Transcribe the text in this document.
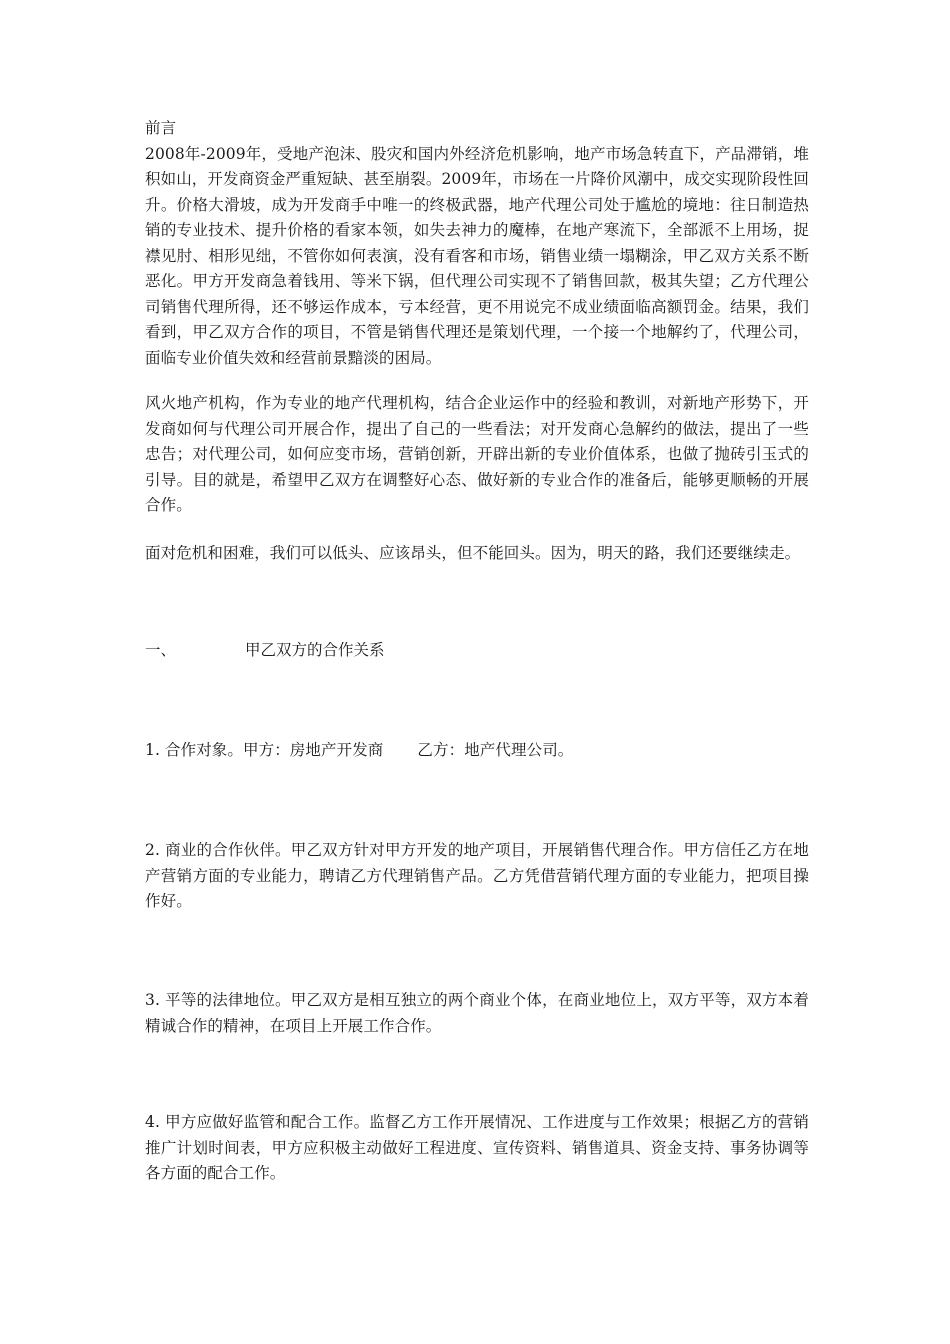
前言
2008年-2009年，受地产泡沫、股灾和国内外经济危机影响，地产市场急转直下，产品滞销，堆积如山，开发商资金严重短缺、甚至崩裂。2009年，市场在一片降价风潮中，成交实现阶段性回升。价格大滑坡，成为开发商手中唯一的终极武器，地产代理公司处于尴尬的境地：往日制造热销的专业技术、提升价格的看家本领，如失去神力的魔棒，在地产寒流下，全部派不上用场，捉襟见肘、相形见绌，不管你如何表演，没有看客和市场，销售业绩一塌糊涂，甲乙双方关系不断恶化。甲方开发商急着钱用、等米下锅，但代理公司实现不了销售回款，极其失望；乙方代理公司销售代理所得，还不够运作成本，亏本经营，更不用说完不成业绩面临高额罚金。结果，我们看到，甲乙双方合作的项目，不管是销售代理还是策划代理，一个接一个地解约了，代理公司，面临专业价值失效和经营前景黯淡的困局。
风火地产机构，作为专业的地产代理机构，结合企业运作中的经验和教训，对新地产形势下，开发商如何与代理公司开展合作，提出了自己的一些看法；对开发商心急解约的做法，提出了一些忠告；对代理公司，如何应变市场，营销创新，开辟出新的专业价值体系，也做了抛砖引玉式的引导。目的就是，希望甲乙双方在调整好心态、做好新的专业合作的准备后，能够更顺畅的开展合作。
面对危机和困难，我们可以低头、应该昂头，但不能回头。因为，明天的路，我们还要继续走。
一、	甲乙双方的合作关系
1. 合作对象。甲方：房地产开发商 乙方：地产代理公司。
2. 商业的合作伙伴。甲乙双方针对甲方开发的地产项目，开展销售代理合作。甲方信任乙方在地产营销方面的专业能力，聘请乙方代理销售产品。乙方凭借营销代理方面的专业能力，把项目操作好。
3. 平等的法律地位。甲乙双方是相互独立的两个商业个体，在商业地位上，双方平等，双方本着精诚合作的精神，在项目上开展工作合作。
4. 甲方应做好监管和配合工作。监督乙方工作开展情况、工作进度与工作效果；根据乙方的营销推广计划时间表，甲方应积极主动做好工程进度、宣传资料、销售道具、资金支持、事务协调等各方面的配合工作。
